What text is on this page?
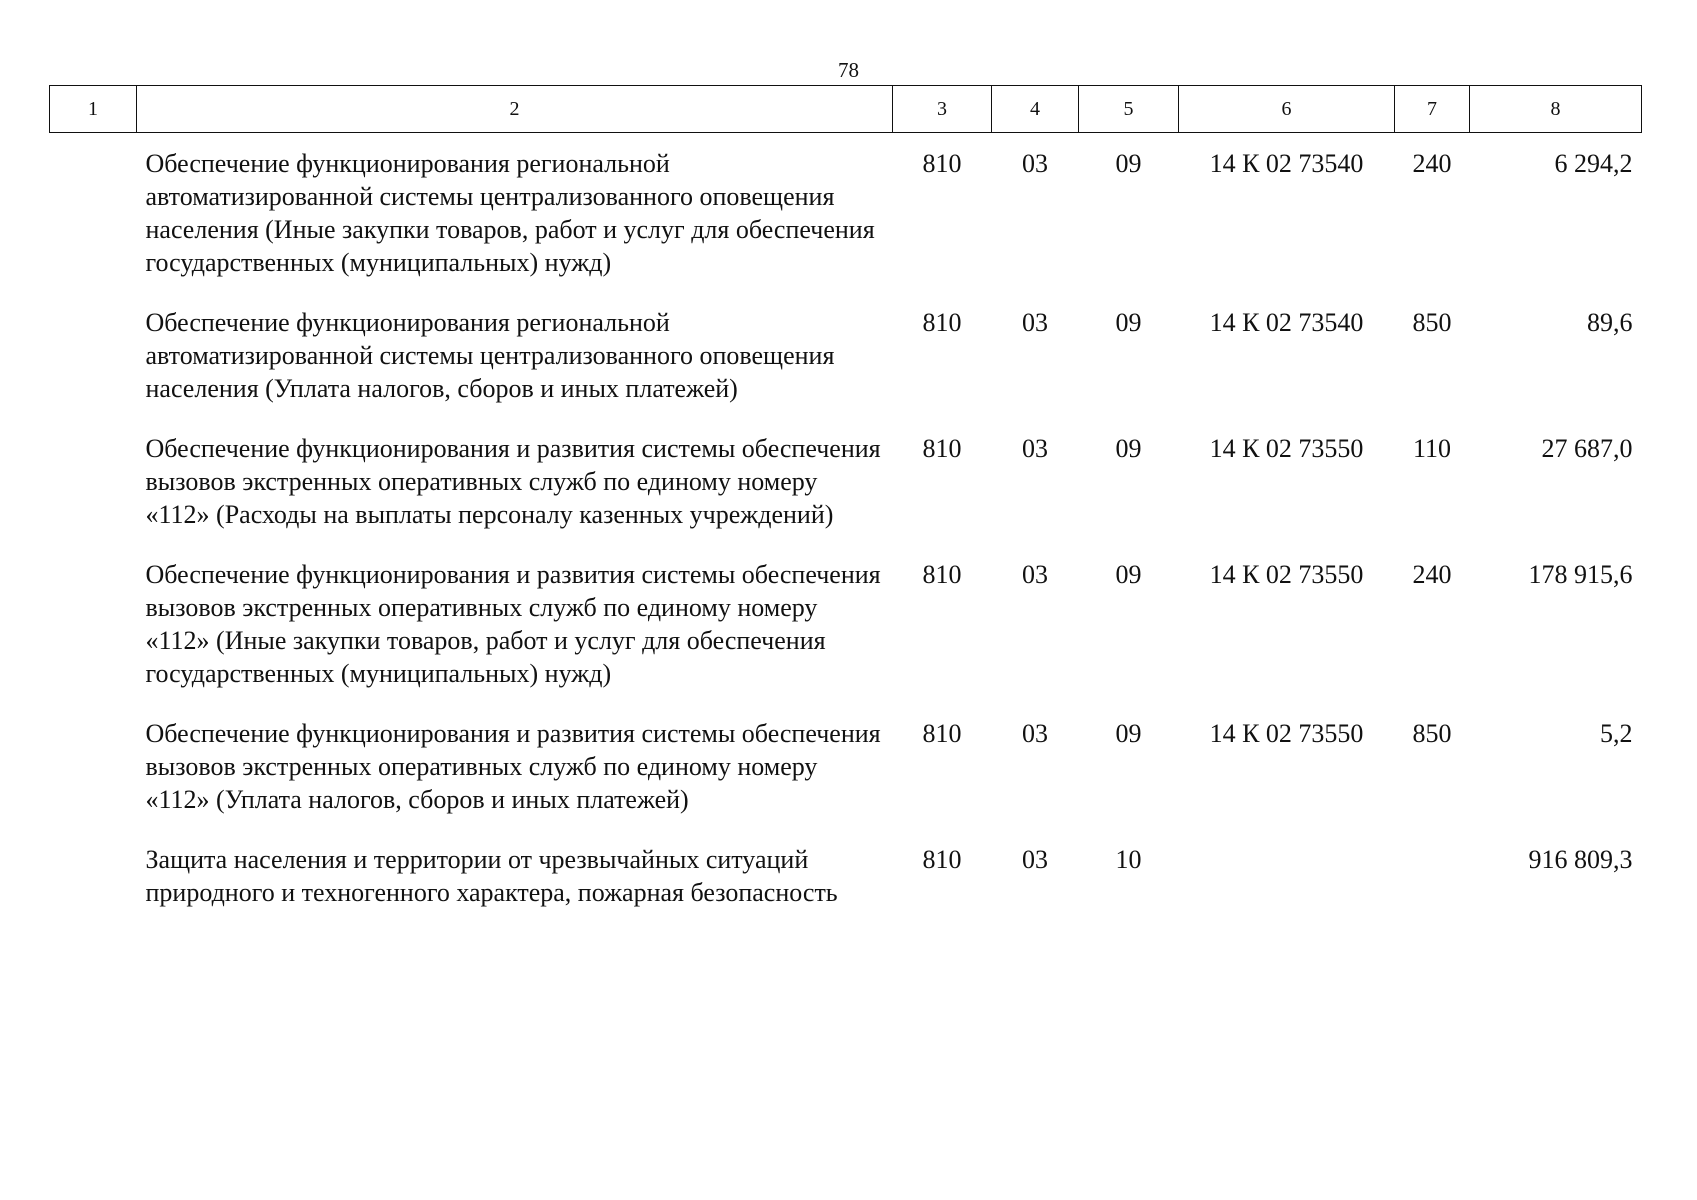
78
1	2	3	4	5	6	7	8
	Обеспечение функционирования региональной автоматизированной системы централизованного оповещения населения (Иные закупки товаров, работ и услуг для обеспечения государственных (муниципальных) нужд)	810	03	09	14 К 02 73540	240	6 294,2
	Обеспечение функционирования региональной автоматизированной системы централизованного оповещения населения (Уплата налогов, сборов и иных платежей)	810	03	09	14 К 02 73540	850	89,6
	Обеспечение функционирования и развития системы обеспечения вызовов экстренных оперативных служб по единому номеру «112» (Расходы на выплаты персоналу казенных учреждений)	810	03	09	14 К 02 73550	110	27 687,0
	Обеспечение функционирования и развития системы обеспечения вызовов экстренных оперативных служб по единому номеру «112» (Иные закупки товаров, работ и услуг для обеспечения государственных (муниципальных) нужд)	810	03	09	14 К 02 73550	240	178 915,6
	Обеспечение функционирования и развития системы обеспечения вызовов экстренных оперативных служб по единому номеру «112» (Уплата налогов, сборов и иных платежей)	810	03	09	14 К 02 73550	850	5,2
	Защита населения и территории от чрезвычайных ситуаций природного и техногенного характера, пожарная безопасность	810	03	10			916 809,3
